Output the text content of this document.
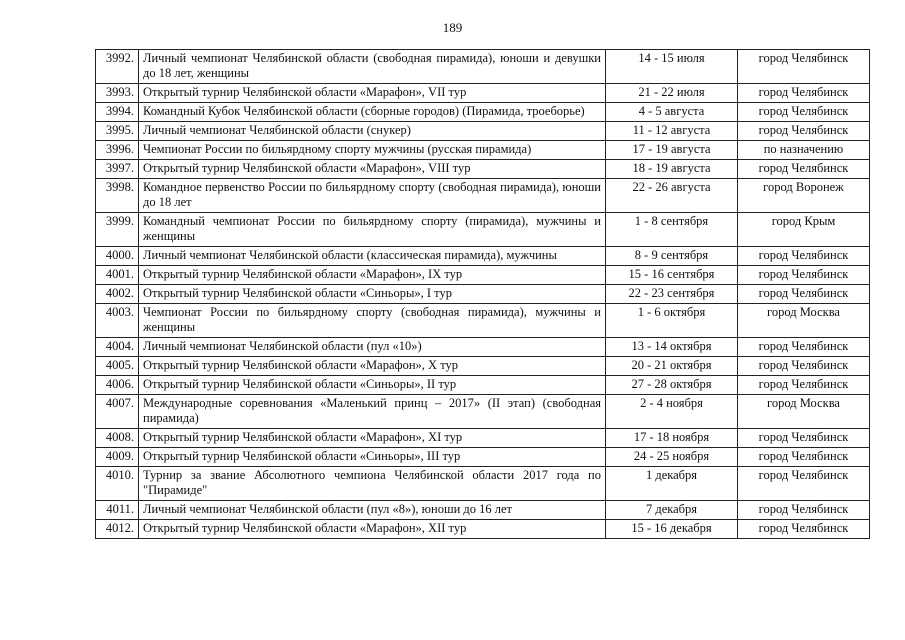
189
3992.	Личный чемпионат Челябинской области (свободная пирамида), юноши и девушки до 18 лет, женщины	14 - 15 июля	город Челябинск
3993.	Открытый турнир Челябинской области «Марафон», VII тур	21 - 22 июля	город Челябинск
3994.	Командный Кубок Челябинской области (сборные городов) (Пирамида, троеборье)	4 - 5 августа	город Челябинск
3995.	Личный чемпионат Челябинской области (снукер)	11 - 12 августа	город Челябинск
3996.	Чемпионат России по бильярдному спорту мужчины (русская пирамида)	17 - 19 августа	по назначению
3997.	Открытый турнир Челябинской области «Марафон», VIII тур	18 - 19 августа	город Челябинск
3998.	Командное первенство России по бильярдному спорту (свободная пирамида), юноши до 18 лет	22 - 26 августа	город Воронеж
3999.	Командный чемпионат России по бильярдному спорту (пирамида), мужчины и женщины	1 - 8 сентября	город Крым
4000.	Личный чемпионат Челябинской области (классическая пирамида), мужчины	8 - 9 сентября	город Челябинск
4001.	Открытый турнир Челябинской области «Марафон», IX тур	15 - 16 сентября	город Челябинск
4002.	Открытый турнир Челябинской области «Синьоры», I тур	22 - 23 сентября	город Челябинск
4003.	Чемпионат России по бильярдному спорту (свободная пирамида), мужчины и женщины	1 - 6 октября	город Москва
4004.	Личный чемпионат Челябинской области (пул «10»)	13 - 14 октября	город Челябинск
4005.	Открытый турнир Челябинской области «Марафон», X тур	20 - 21 октября	город Челябинск
4006.	Открытый турнир Челябинской области «Синьоры», II тур	27 - 28 октября	город Челябинск
4007.	Международные соревнования «Маленький принц – 2017» (II этап) (свободная пирамида)	2 - 4 ноября	город Москва
4008.	Открытый турнир Челябинской области «Марафон», XI тур	17 - 18 ноября	город Челябинск
4009.	Открытый турнир Челябинской области «Синьоры», III тур	24 - 25 ноября	город Челябинск
4010.	Турнир за звание Абсолютного чемпиона Челябинской области 2017 года по "Пирамиде"	1 декабря	город Челябинск
4011.	Личный чемпионат Челябинской области (пул «8»), юноши до 16 лет	7 декабря	город Челябинск
4012.	Открытый турнир Челябинской области «Марафон», XII тур	15 - 16 декабря	город Челябинск
